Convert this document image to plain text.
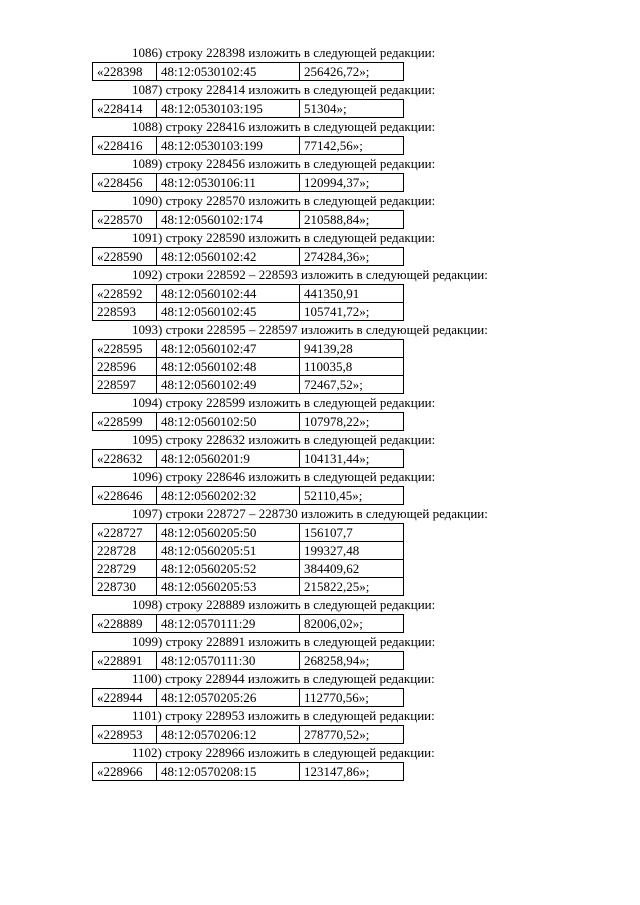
1086) строку 228398 изложить в следующей редакции:
«228398	48:12:0530102:45	256426,72»;
1087) строку 228414 изложить в следующей редакции:
«228414	48:12:0530103:195	51304»;
1088) строку 228416 изложить в следующей редакции:
«228416	48:12:0530103:199	77142,56»;
1089) строку 228456 изложить в следующей редакции:
«228456	48:12:0530106:11	120994,37»;
1090) строку 228570 изложить в следующей редакции:
«228570	48:12:0560102:174	210588,84»;
1091) строку 228590 изложить в следующей редакции:
«228590	48:12:0560102:42	274284,36»;
1092) строки 228592 – 228593 изложить в следующей редакции:
«228592	48:12:0560102:44	441350,91
228593	48:12:0560102:45	105741,72»;
1093) строки 228595 – 228597 изложить в следующей редакции:
«228595	48:12:0560102:47	94139,28
228596	48:12:0560102:48	110035,8
228597	48:12:0560102:49	72467,52»;
1094) строку 228599 изложить в следующей редакции:
«228599	48:12:0560102:50	107978,22»;
1095) строку 228632 изложить в следующей редакции:
«228632	48:12:0560201:9	104131,44»;
1096) строку 228646 изложить в следующей редакции:
«228646	48:12:0560202:32	52110,45»;
1097) строки 228727 – 228730 изложить в следующей редакции:
«228727	48:12:0560205:50	156107,7
228728	48:12:0560205:51	199327,48
228729	48:12:0560205:52	384409,62
228730	48:12:0560205:53	215822,25»;
1098) строку 228889 изложить в следующей редакции:
«228889	48:12:0570111:29	82006,02»;
1099) строку 228891 изложить в следующей редакции:
«228891	48:12:0570111:30	268258,94»;
1100) строку 228944 изложить в следующей редакции:
«228944	48:12:0570205:26	112770,56»;
1101) строку 228953 изложить в следующей редакции:
«228953	48:12:0570206:12	278770,52»;
1102) строку 228966 изложить в следующей редакции:
«228966	48:12:0570208:15	123147,86»;
